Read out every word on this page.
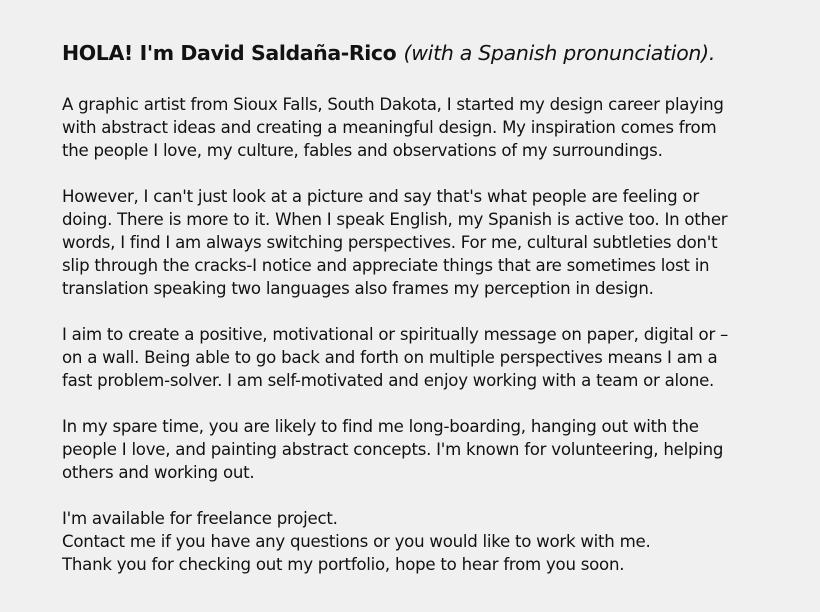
HOLA! I'm David Saldaña-Rico (with a Spanish pronunciation).
A graphic artist from Sioux Falls, South Dakota, I started my design career playing
with abstract ideas and creating a meaningful design. My inspiration comes from
the people I love, my culture, fables and observations of my surroundings.
However, I can't just look at a picture and say that's what people are feeling or
doing. There is more to it. When I speak English, my Spanish is active too. In other
words, I find I am always switching perspectives. For me, cultural subtleties don't
slip through the cracks-I notice and appreciate things that are sometimes lost in
translation speaking two languages also frames my perception in design.
I aim to create a positive, motivational or spiritually message on paper, digital or –
on a wall. Being able to go back and forth on multiple perspectives means I am a
fast problem-solver. I am self-motivated and enjoy working with a team or alone.
In my spare time, you are likely to find me long-boarding, hanging out with the
people I love, and painting abstract concepts. I'm known for volunteering, helping
others and working out.
I'm available for freelance project.
Contact me if you have any questions or you would like to work with me.
Thank you for checking out my portfolio, hope to hear from you soon.
